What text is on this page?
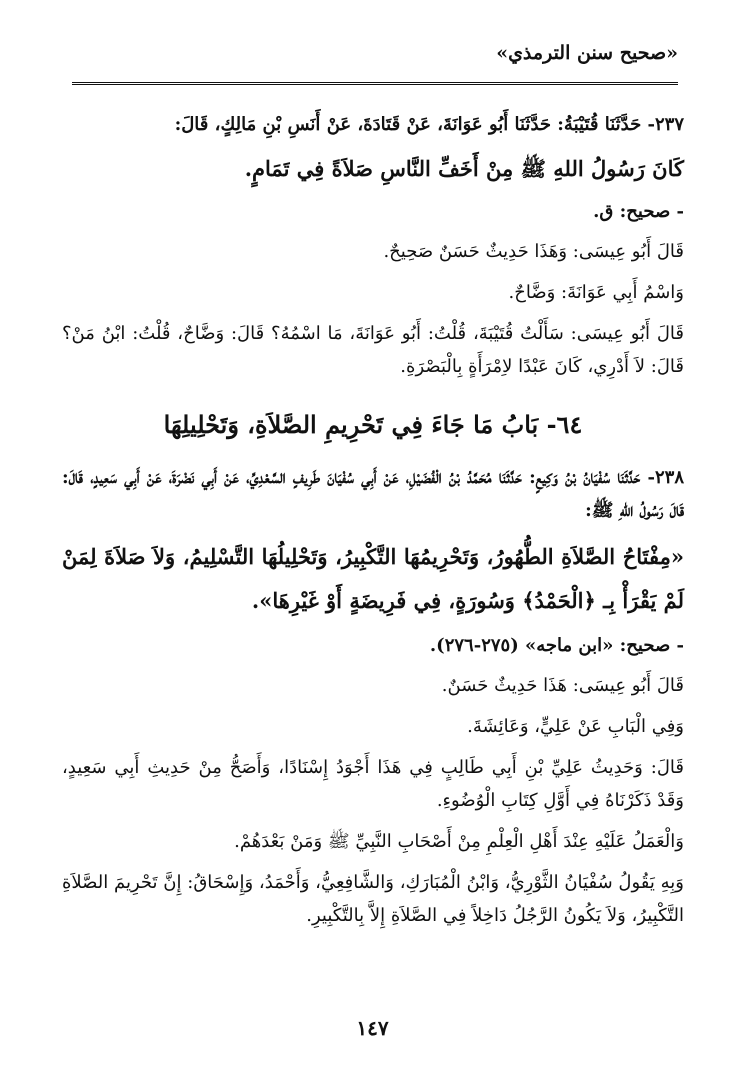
«صحيح سنن الترمذي»

٢٣٧- حَدَّثَنَا قُتَيْبَةُ: حَدَّثَنَا أَبُو عَوَانَةَ، عَنْ قَتَادَةَ، عَنْ أَنَسِ بْنِ مَالِكٍ، قَالَ:

كَانَ رَسُولُ اللهِ ﷺ مِنْ أَخَفِّ النَّاسِ صَلاَةً فِي تَمَامٍ.

- صحيح: ق.

قَالَ أَبُو عِيسَى: وَهَذَا حَدِيثٌ حَسَنٌ صَحِيحٌ.

وَاسْمُ أَبِي عَوَانَةَ: وَضَّاحٌ.

قَالَ أَبُو عِيسَى: سَأَلْتُ قُتَيْبَةَ، قُلْتُ: أَبُو عَوَانَةَ، مَا اسْمُهُ؟ قَالَ: وَضَّاحٌ، قُلْتُ: ابْنُ مَنْ؟ قَالَ: لاَ أَدْرِي، كَانَ عَبْدًا لاِمْرَأَةٍ بِالْبَصْرَةِ.

٦٤- بَابُ مَا جَاءَ فِي تَحْرِيمِ الصَّلاَةِ، وَتَحْلِيلِهَا

٢٣٨- حَدَّثَنَا سُفْيَانُ بْنُ وَكِيعٍ: حَدَّثَنَا مُحَمَّدُ بْنُ الْفُضَيْلِ، عَنْ أَبِي سُفْيَانَ طَرِيفٍ السَّعْدِيِّ، عَنْ أَبِي نَضْرَةَ، عَنْ أَبِي سَعِيدٍ، قَالَ: قَالَ رَسُولُ اللهِ ﷺ:

«مِفْتَاحُ الصَّلاَةِ الطُّهُورُ، وَتَحْرِيمُهَا التَّكْبِيرُ، وَتَحْلِيلُهَا التَّسْلِيمُ، وَلاَ صَلاَةَ لِمَنْ لَمْ يَقْرَأْ بِـ ﴿الْحَمْدُ﴾ وَسُورَةٍ، فِي فَرِيضَةٍ أَوْ غَيْرِهَا».

- صحيح: «ابن ماجه» (٢٧٥-٢٧٦).

قَالَ أَبُو عِيسَى: هَذَا حَدِيثٌ حَسَنٌ.

وَفِي الْبَابِ عَنْ عَلِيٍّ، وَعَائِشَةَ.

قَالَ: وَحَدِيثُ عَلِيِّ بْنِ أَبِي طَالِبٍ فِي هَذَا أَجْوَدُ إِسْنَادًا، وَأَصَحُّ مِنْ حَدِيثِ أَبِي سَعِيدٍ، وَقَدْ ذَكَرْنَاهُ فِي أَوَّلِ كِتَابِ الْوُضُوءِ.

وَالْعَمَلُ عَلَيْهِ عِنْدَ أَهْلِ الْعِلْمِ مِنْ أَصْحَابِ النَّبِيِّ ﷺ وَمَنْ بَعْدَهُمْ.

وَبِهِ يَقُولُ سُفْيَانُ الثَّوْرِيُّ، وَابْنُ الْمُبَارَكِ، وَالشَّافِعِيُّ، وَأَحْمَدُ، وَإِسْحَاقُ: إِنَّ تَحْرِيمَ الصَّلاَةِ التَّكْبِيرُ، وَلاَ يَكُونُ الرَّجُلُ دَاخِلاً فِي الصَّلاَةِ إِلاَّ بِالتَّكْبِيرِ.

١٤٧
